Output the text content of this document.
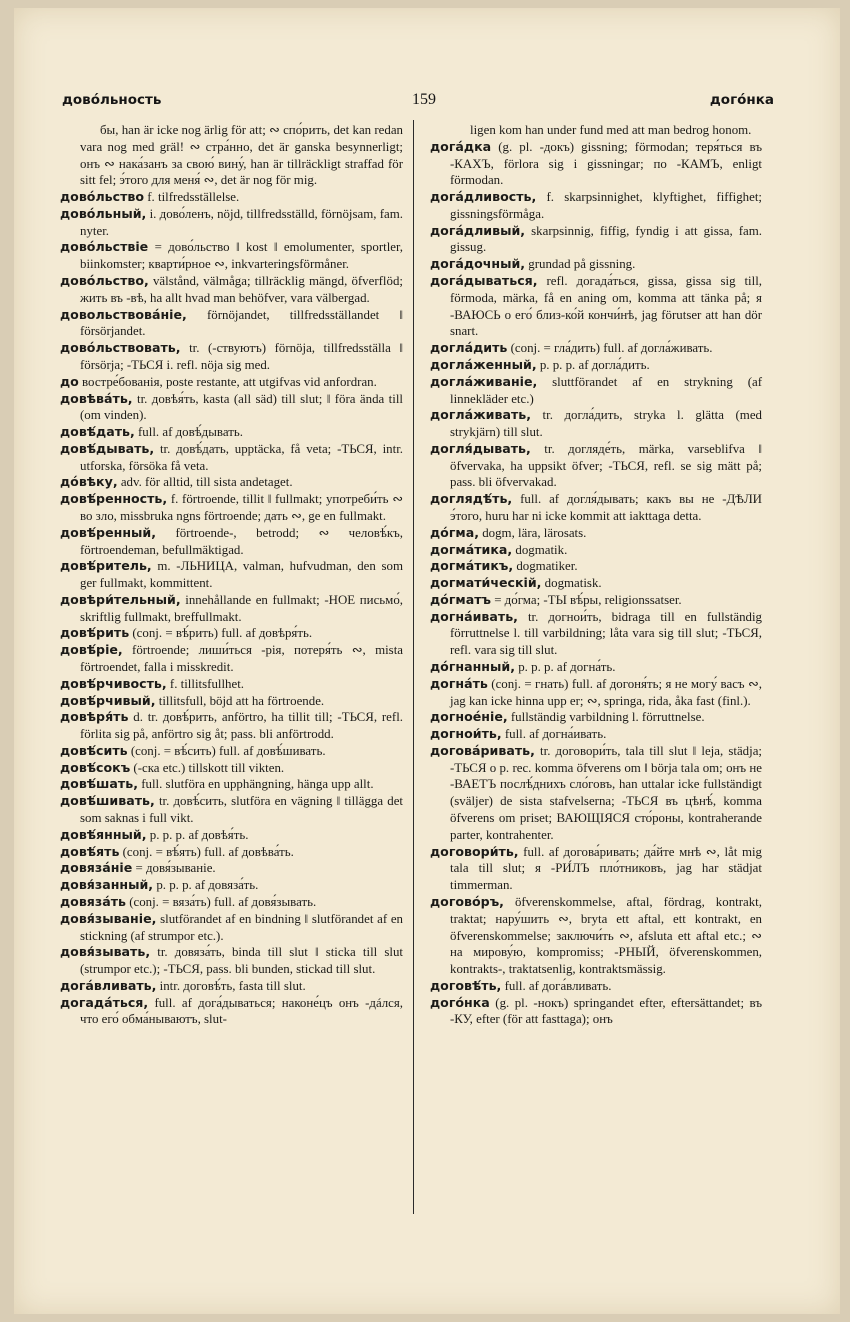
довóльность	159	догóнка

бы, han är icke nog ärlig för att; ∾ спо́рить, det kan redan vara nog med gräl! ∾ стра́нно, det är ganska besynnerligt; онъ ∾ нака́занъ за свою́ вину́, han är tillräckligt straffad för sitt fel; э́того для меня́ ∾, det är nog för mig.

довóльство f. tilfredsställelse.

довóльный, i. дово́ленъ, nöjd, tillfredsställd, förnöjsam, fam. nyter.

довóльствіе = дово́льство ‖ kost ‖ emolumenter, sportler, biinkomster; кварти́рное ∾, inkvarteringsförmåner.

довóльство, välstånd, välmåga; tillräcklig mängd, öfverflöd; жить въ -вѣ, ha allt hvad man behöfver, vara välbergad.

довольствовáніе, förnöjandet, tillfredsställandet ‖ försörjandet.

довóльствовать, tr. (-ствуютъ) förnöja, tillfredsställa ‖ försörja; -ТЬСЯ i. refl. nöja sig med.

до востре́бованія, poste restante, att utgifvas vid anfordran.

довѣвáть, tr. довѣя́ть, kasta (all säd) till slut; ‖ föra ända till (om vinden).

довѣ́дать, full. af довѣ́дывать.

довѣ́дывать, tr. довѣ́дать, upptäcka, få veta; -ТЬСЯ, intr. utforska, försöka få veta.

дóвѣку, adv. för alltid, till sista andetaget.

довѣ́ренность, f. förtroende, tillit ‖ fullmakt; употреби́ть ∾ во зло, missbruka ngns förtroende; дать ∾, ge en fullmakt.

довѣ́ренный, förtroende-, betrodd; ∾ человѣ́къ, förtroendeman, befullmäktigad.

довѣ́ритель, m. -ЛЬНИЦА, valman, hufvudman, den som ger fullmakt, kommittent.

довѣри́тельный, innehållande en fullmakt; -НОЕ письмо́, skriftlig fullmakt, breffullmakt.

довѣ́рить (conj. = вѣ́рить) full. af довѣря́ть.

довѣ́ріе, förtroende; лиши́ться -рія, потеря́ть ∾, mista förtroendet, falla i misskredit.

довѣ́рчивость, f. tillitsfullhet.

довѣ́рчивый, tillitsfull, böjd att ha förtroende.

довѣря́ть d. tr. довѣ́рить, anförtro, ha tillit till; -ТЬСЯ, refl. förlita sig på, anförtro sig åt; pass. bli anförtrodd.

довѣ́сить (conj. = вѣ́сить) full. af довѣ́шивать.

довѣ́сокъ (-ска etc.) tillskott till vikten.

довѣ́шать, full. slutföra en upphängning, hänga upp allt.

довѣ́шивать, tr. довѣ́сить, slutföra en vägning ‖ tillägga det som saknas i full vikt.

довѣ́янный, p. p. p. af довѣя́ть.

довѣ́ять (conj. = вѣ́ять) full. af довѣва́ть.

довязáніе = довя́зываніе.

довя́занный, p. p. p. af довяза́ть.

довязáть (conj. = вяза́ть) full. af довя́зывать.

довя́зываніе, slutförandet af en bindning ‖ slutförandet af en stickning (af strumpor etc.).

довя́зывать, tr. довяза́ть, binda till slut ‖ sticka till slut (strumpor etc.); -ТЬСЯ, pass. bli bunden, stickad till slut.

догáвливать, intr. договѣ́ть, fasta till slut.

догадáться, full. af дога́дываться; наконе́цъ онъ -дáлся, что его́ обма́нываютъ, slut-

ligen kom han under fund med att man bedrog honom.

догáдка (g. pl. -докъ) gissning; förmodan; теря́ться въ -КАХЪ, förlora sig i gissningar; по -КАМЪ, enligt förmodan.

догáдливость, f. skarpsinnighet, klyftighet, fiffighet; gissningsförmåga.

догáдливый, skarpsinnig, fiffig, fyndig i att gissa, fam. gissug.

догáдочный, grundad på gissning.

догáдываться, refl. догада́ться, gissa, gissa sig till, förmoda, märka, få en aning om, komma att tänka på; я -ВАЮСЬ о его́ близ-ко́й кончи́нѣ, jag förutser att han dör snart.

доглáдить (conj. = гла́дить) full. af догла́живать.

доглáженный, p. p. p. af догла́дить.

доглáживаніе, sluttförandet af en strykning (af linnekläder etc.)

доглáживать, tr. догла́дить, stryka l. glätta (med strykjärn) till slut.

догля́дывать, tr. догляде́ть, märka, varseblifva ‖ öfvervaka, ha uppsikt öfver; -ТЬСЯ, refl. se sig mätt på; pass. bli öfvervakad.

доглядѣ́ть, full. af догля́дывать; какъ вы не -ДѢЛИ э́того, huru har ni icke kommit att iakttaga detta.

дóгма, dogm, lära, lärosats.

догмáтика, dogmatik.

догмáтикъ, dogmatiker.

догмати́ческій, dogmatisk.

дóгматъ = до́гма; -ТЫ вѣ́ры, religionssatser.

догнáивать, tr. догнои́ть, bidraga till en fullständig förruttnelse l. till varbildning; låta vara sig till slut; -ТЬСЯ, refl. vara sig till slut.

дóгнанный, p. p. p. af догна́ть.

догнáть (conj. = гнать) full. af догоня́ть; я не могу́ васъ ∾, jag kan icke hinna upp er; ∾, springa, rida, åka fast (finl.).

догноéніе, fullständig varbildning l. förruttnelse.

догнои́ть, full. af догна́ивать.

договáривать, tr. договори́ть, tala till slut ‖ leja, städja; -ТЬСЯ о p. rec. komma öfverens om ‖ börja tala om; онъ не -ВАЕТЪ послѣ́днихъ сло́говъ, han uttalar icke fullständigt (sväljer) de sista stafvelserna; -ТЬСЯ въ цѣнѣ́, komma öfverens om priset; ВАЮЩІЯСЯ сто́роны, kontraherande parter, kontrahenter.

договори́ть, full. af догова́ривать; да́йте мнѣ ∾, låt mig tala till slut; я -РИ́ЛЪ пло́тниковъ, jag har städjat timmerman.

договóръ, öfverenskommelse, aftal, fördrag, kontrakt, traktat; нару́шить ∾, bryta ett aftal, ett kontrakt, en öfverenskommelse; заключи́ть ∾, afsluta ett aftal etc.; ∾ на мирову́ю, kompromiss; -РНЫЙ, öfverenskommen, kontrakts-, traktatsenlig, kontraktsmässig.

договѣ́ть, full. af дога́вливать.

догóнка (g. pl. -нокъ) springandet efter, eftersättandet; въ -КУ, efter (för att fasttaga); онъ
